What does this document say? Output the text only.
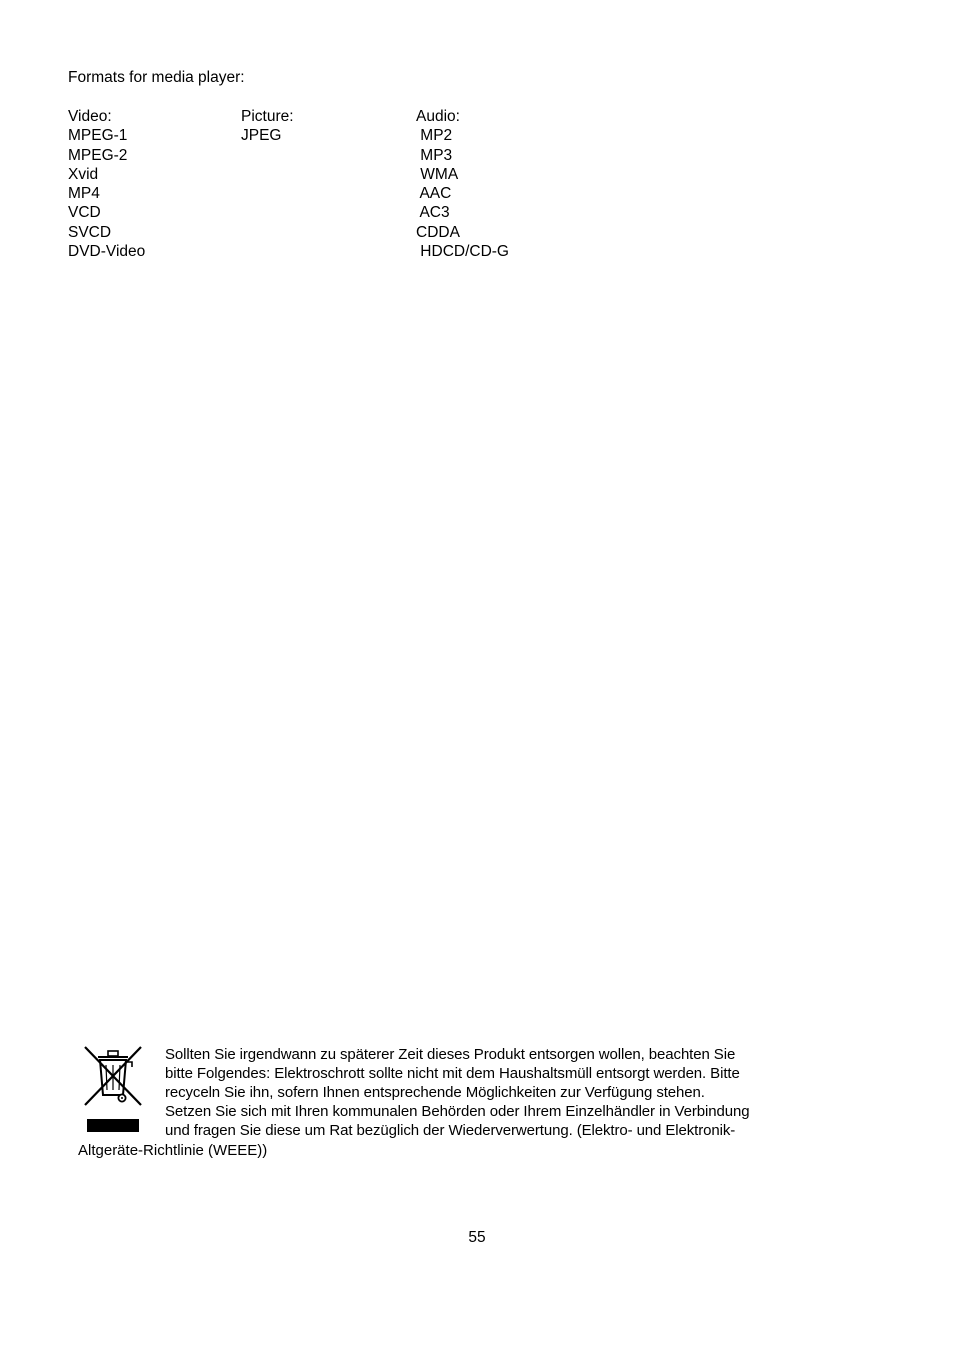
Formats for media player:
Video:
MPEG-1
MPEG-2
Xvid
MP4
VCD
SVCD
DVD-Video
Picture:
JPEG
Audio:
MP2
MP3
WMA
AAC
AC3
CDDA
HDCD/CD-G
Sollten Sie irgendwann zu späterer Zeit dieses Produkt entsorgen wollen, beachten Sie
bitte Folgendes: Elektroschrott sollte nicht mit dem Haushaltsmüll entsorgt werden. Bitte
recyceln Sie ihn, sofern Ihnen entsprechende Möglichkeiten zur Verfügung stehen.
Setzen Sie sich mit Ihren kommunalen Behörden oder Ihrem Einzelhändler in Verbindung
und fragen Sie diese um Rat bezüglich der Wiederverwertung. (Elektro- und Elektronik-
Altgeräte-Richtlinie (WEEE))
55
